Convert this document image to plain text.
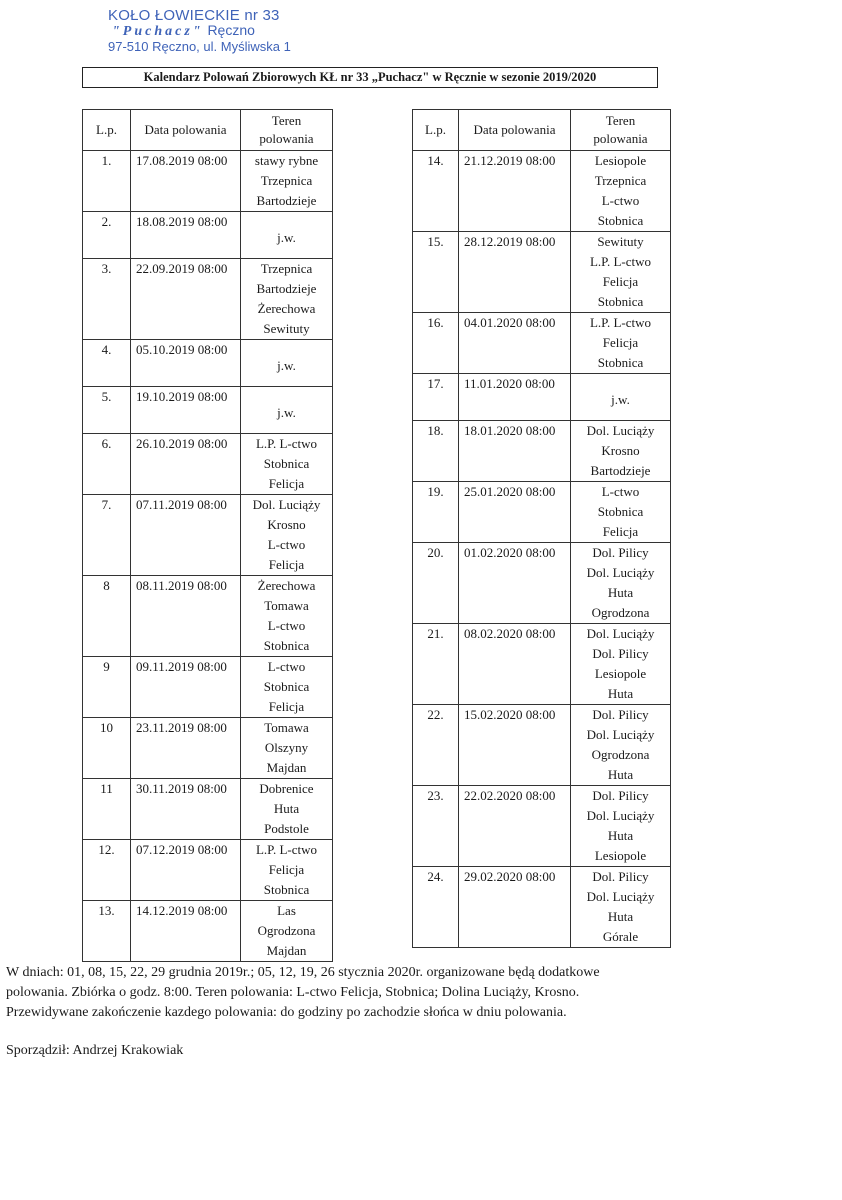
KOŁO ŁOWIECKIE nr 33
"Puchacz" Ręczno
97-510 Ręczno, ul. Myśliwska 1
Kalendarz Polowań Zbiorowych KŁ nr 33 „Puchacz" w Ręcznie w sezonie 2019/2020
L.p.	Data polowania	Teren
polowania
1.	17.08.2019 08:00	stawy rybne
Trzepnica
Bartodzieje

2.	18.08.2019 08:00	j.w.

3.	22.09.2019 08:00	Trzepnica
Bartodzieje
Żerechowa
Sewituty

4.	05.10.2019 08:00	j.w.

5.	19.10.2019 08:00	j.w.

6.	26.10.2019 08:00	L.P. L-ctwo
Stobnica
Felicja

7.	07.11.2019 08:00	Dol. Luciąży
Krosno
L-ctwo
Felicja

8	08.11.2019 08:00	Żerechowa
Tomawa
L-ctwo
Stobnica

9	09.11.2019 08:00	L-ctwo
Stobnica
Felicja

10	23.11.2019 08:00	Tomawa
Olszyny
Majdan

11	30.11.2019 08:00	Dobrenice
Huta
Podstole

12.	07.12.2019 08:00	L.P. L-ctwo
Felicja
Stobnica

13.	14.12.2019 08:00	Las
Ogrodzona
Majdan
L.p.	Data polowania	Teren
polowania
14.	21.12.2019 08:00	Lesiopole
Trzepnica
L-ctwo
Stobnica

15.	28.12.2019 08:00	Sewituty
L.P. L-ctwo
Felicja
Stobnica

16.	04.01.2020 08:00	L.P. L-ctwo
Felicja
Stobnica

17.	11.01.2020 08:00	j.w.

18.	18.01.2020 08:00	Dol. Luciąży
Krosno
Bartodzieje

19.	25.01.2020 08:00	L-ctwo
Stobnica
Felicja

20.	01.02.2020 08:00	Dol. Pilicy
Dol. Luciąży
Huta
Ogrodzona

21.	08.02.2020 08:00	Dol. Luciąży
Dol. Pilicy
Lesiopole
Huta

22.	15.02.2020 08:00	Dol. Pilicy
Dol. Luciąży
Ogrodzona
Huta

23.	22.02.2020 08:00	Dol. Pilicy
Dol. Luciąży
Huta
Lesiopole

24.	29.02.2020 08:00	Dol. Pilicy
Dol. Luciąży
Huta
Górale
W dniach: 01, 08, 15, 22, 29 grudnia 2019r.; 05, 12, 19, 26 stycznia 2020r. organizowane będą dodatkowe
polowania. Zbiórka o godz. 8:00. Teren polowania: L-ctwo Felicja, Stobnica; Dolina Luciąży, Krosno.
Przewidywane zakończenie kazdego polowania: do godziny po zachodzie słońca w dniu polowania.
Sporządził: Andrzej Krakowiak
